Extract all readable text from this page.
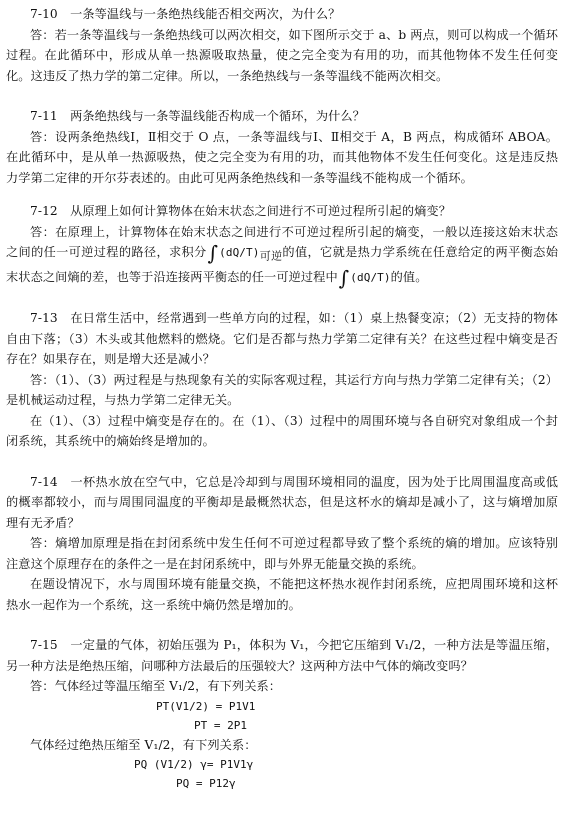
7-10　一条等温线与一条绝热线能否相交两次，为什么？

答：若一条等温线与一条绝热线可以两次相交，如下图所示交于 a、b 两点，则可以构成一个循环过程。在此循环中，形成从单一热源吸取热量，使之完全变为有用的功，而其他物体不发生任何变化。这违反了热力学的第二定律。所以，一条绝热线与一条等温线不能两次相交。

7-11　两条绝热线与一条等温线能否构成一个循环，为什么？

答：设两条绝热线Ⅰ，Ⅱ相交于 O 点，一条等温线与Ⅰ、Ⅱ相交于 A，B 两点，构成循环 ABOA。在此循环中，是从单一热源吸热，使之完全变为有用的功，而其他物体不发生任何变化。这是违反热力学第二定律的开尔芬表述的。由此可见两条绝热线和一条等温线不能构成一个循环。

7-12　从原理上如何计算物体在始末状态之间进行不可逆过程所引起的熵变？

答：在原理上，计算物体在始末状态之间进行不可逆过程所引起的熵变，一般以连接这始末状态之间的任一可逆过程的路径，求积分$\int(dQ/T)_{可逆}$的值，它就是热力学系统在任意给定的两平衡态始末状态之间熵的差，也等于沿连接两平衡态的任一可逆过程中∫(dQ/T)的值。

7-13　在日常生活中，经常遇到一些单方向的过程，如：（1）桌上热餐变凉；（2）无支持的物体自由下落；（3）木头或其他燃料的燃烧。它们是否都与热力学第二定律有关？在这些过程中熵变是否存在？如果存在，则是增大还是减小？

答：（1）、（3）两过程是与热现象有关的实际客观过程，其运行方向与热力学第二定律有关；（2）是机械运动过程，与热力学第二定律无关。

在（1）、（3）过程中熵变是存在的。在（1）、（3）过程中的周围环境与各自研究对象组成一个封闭系统，其系统中的熵始终是增加的。

7-14　一杯热水放在空气中，它总是冷却到与周围环境相同的温度，因为处于比周围温度高或低的概率都较小，而与周围同温度的平衡却是最概然状态，但是这杯水的熵却是减小了，这与熵增加原理有无矛盾？

答：熵增加原理是指在封闭系统中发生任何不可逆过程都导致了整个系统的熵的增加。应该特别注意这个原理存在的条件之一是在封闭系统中，即与外界无能量交换的系统。

在题设情况下，水与周围环境有能量交换，不能把这杯热水视作封闭系统，应把周围环境和这杯热水一起作为一个系统，这一系统中熵仍然是增加的。

7-15　一定量的气体，初始压强为 P₁，体积为 V₁，今把它压缩到 V₁/2，一种方法是等温压缩，另一种方法是绝热压缩，问哪种方法最后的压强较大？这两种方法中气体的熵改变吗？

答：气体经过等温压缩至 V₁/2，有下列关系：

PT(V1/2) = P1V1

PT = 2P1

气体经过绝热压缩至 V₁/2，有下列关系：

PQ (V1/2) γ= P1V1γ

PQ = P12γ
